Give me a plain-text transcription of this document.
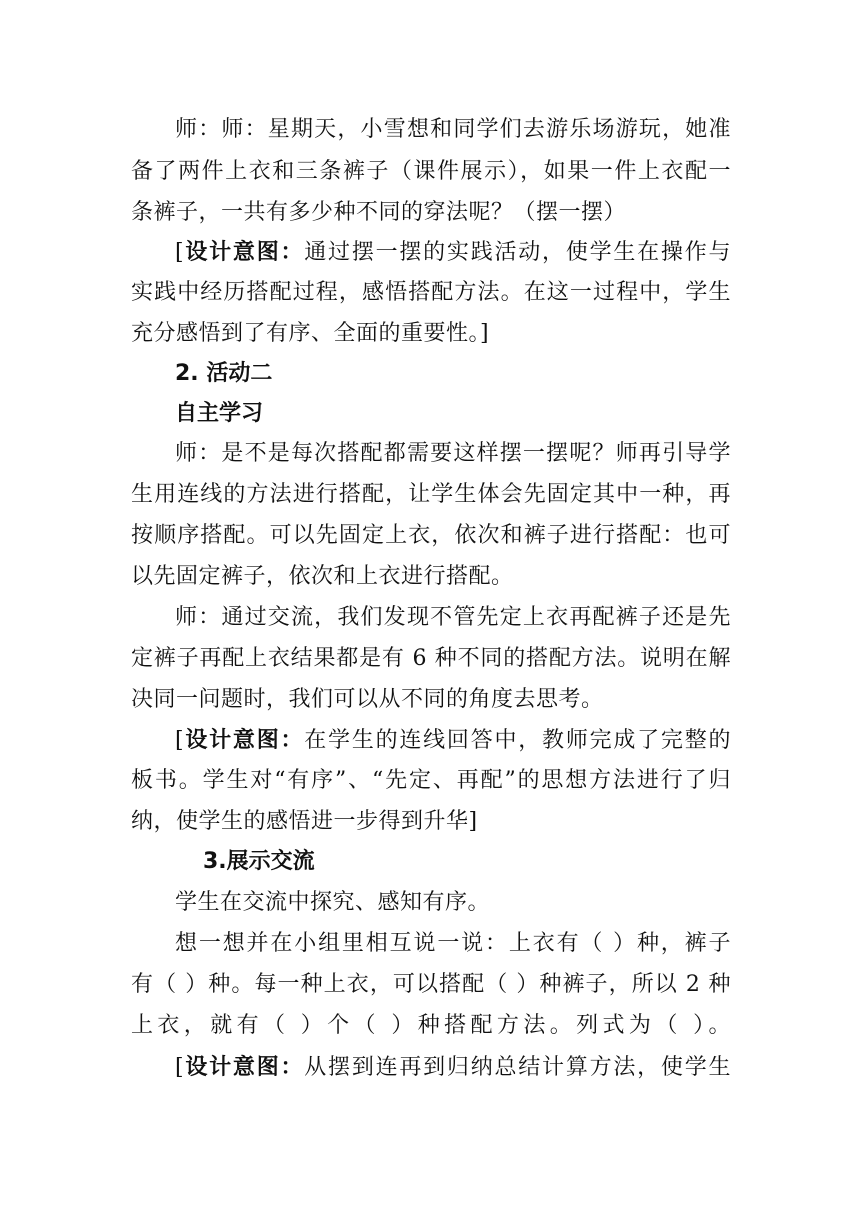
师：师：星期天，小雪想和同学们去游乐场游玩，她准
备了两件上衣和三条裤子（课件展示），如果一件上衣配一
条裤子，一共有多少种不同的穿法呢？（摆一摆）
[设计意图：通过摆一摆的实践活动，使学生在操作与
实践中经历搭配过程，感悟搭配方法。在这一过程中，学生
充分感悟到了有序、全面的重要性。]
2. 活动二
自主学习
师：是不是每次搭配都需要这样摆一摆呢？师再引导学
生用连线的方法进行搭配，让学生体会先固定其中一种，再
按顺序搭配。可以先固定上衣，依次和裤子进行搭配：也可
以先固定裤子，依次和上衣进行搭配。
师：通过交流，我们发现不管先定上衣再配裤子还是先
定裤子再配上衣结果都是有 6 种不同的搭配方法。说明在解
决同一问题时，我们可以从不同的角度去思考。
[设计意图：在学生的连线回答中，教师完成了完整的
板书。学生对“有序”、“先定、再配”的思想方法进行了归
纳，使学生的感悟进一步得到升华]
3.展示交流
学生在交流中探究、感知有序。
想一想并在小组里相互说一说：上衣有（ ）种，裤子
有（ ）种。每一种上衣，可以搭配（ ）种裤子，所以 2 种
上衣，就有（ ）个（ ）种搭配方法。列式为（ ）。
[设计意图：从摆到连再到归纳总结计算方法，使学生
